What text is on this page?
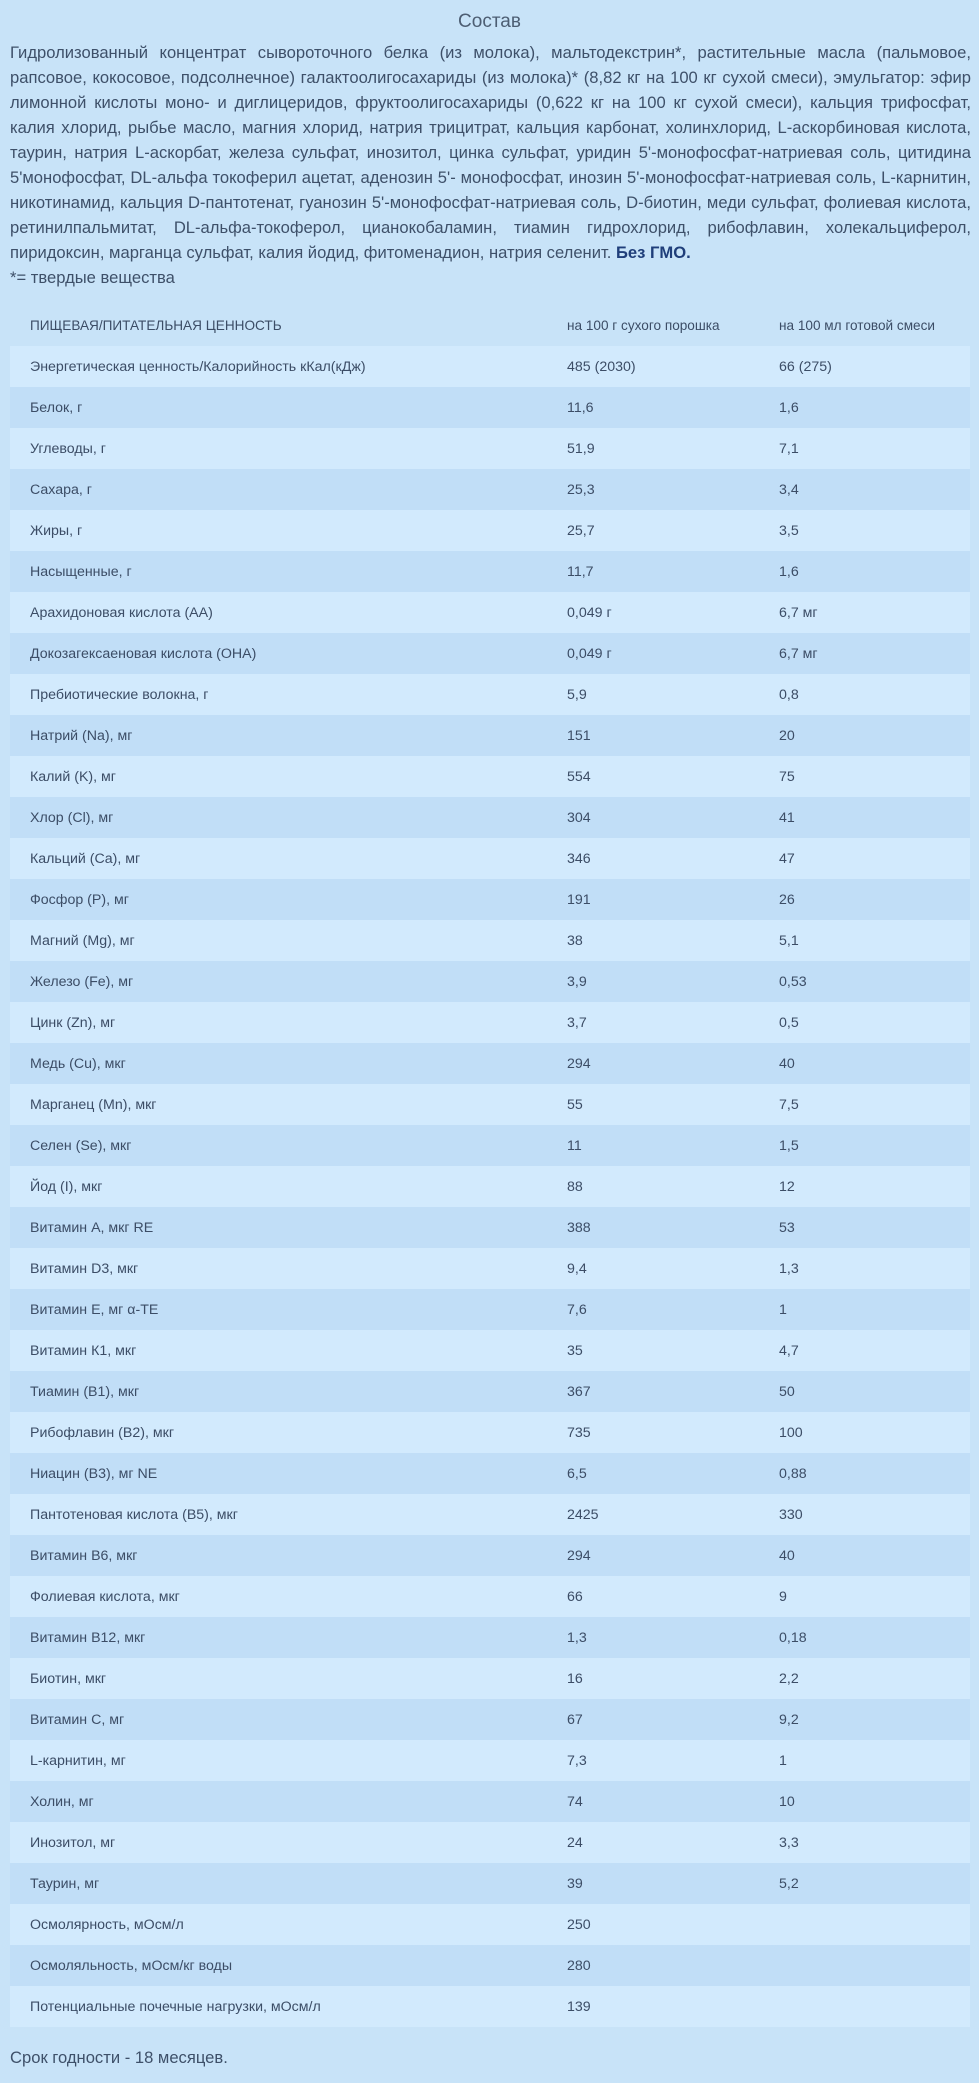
Состав
Гидролизованный концентрат сывороточного белка (из молока), мальтодекстрин*, растительные масла (пальмовое, рапсовое, кокосовое, подсолнечное) галактоолигосахариды (из молока)* (8,82 кг на 100 кг сухой смеси), эмульгатор: эфир лимонной кислоты моно- и диглицеридов, фруктоолигосахариды (0,622 кг на 100 кг сухой смеси), кальция трифосфат, калия хлорид, рыбье масло, магния хлорид, натрия трицитрат, кальция карбонат, холинхлорид, L-аскорбиновая кислота, таурин, натрия L-аскорбат, железа сульфат, инозитол, цинка сульфат, уридин 5'-монофосфат-натриевая соль, цитидина 5'монофосфат, DL-альфа токоферил ацетат, аденозин 5'- монофосфат, инозин 5'-монофосфат-натриевая соль, L-карнитин, никотинамид, кальция D-пантотенат, гуанозин 5'-монофосфат-натриевая соль, D-биотин, меди сульфат, фолиевая кислота, ретинилпальмитат, DL-альфа-токоферол, цианокобаламин, тиамин гидрохлорид, рибофлавин, холекальциферол, пиридоксин, марганца сульфат, калия йодид, фитоменадион, натрия селенит. Без ГМО.
*= твердые вещества
ПИЩЕВАЯ/ПИТАТЕЛЬНАЯ ЦЕННОСТЬ	на 100 г сухого порошка	на 100 мл готовой смеси
Энергетическая ценность/Калорийность кКал(кДж)	485 (2030)	66 (275)
Белок, г	11,6	1,6
Углеводы, г	51,9	7,1
Сахара, г	25,3	3,4
Жиры, г	25,7	3,5
Насыщенные, г	11,7	1,6
Арахидоновая кислота (АА)	0,049 г	6,7 мг
Докозагексаеновая кислота (ОНА)	0,049 г	6,7 мг
Пребиотические волокна, г	5,9	0,8
Натрий (Na), мг	151	20
Калий (K), мг	554	75
Хлор (Cl), мг	304	41
Кальций (Ca), мг	346	47
Фосфор (P), мг	191	26
Магний (Mg), мг	38	5,1
Железо (Fe), мг	3,9	0,53
Цинк (Zn), мг	3,7	0,5
Медь (Cu), мкг	294	40
Марганец (Mn), мкг	55	7,5
Селен (Se), мкг	11	1,5
Йод (I), мкг	88	12
Витамин А, мкг RE	388	53
Витамин D3, мкг	9,4	1,3
Витамин Е, мг α-TE	7,6	1
Витамин К1, мкг	35	4,7
Тиамин (B1), мкг	367	50
Рибофлавин (B2), мкг	735	100
Ниацин (B3), мг NE	6,5	0,88
Пантотеновая кислота (B5), мкг	2425	330
Витамин B6, мкг	294	40
Фолиевая кислота, мкг	66	9
Витамин B12, мкг	1,3	0,18
Биотин, мкг	16	2,2
Витамин С, мг	67	9,2
L-карнитин, мг	7,3	1
Холин, мг	74	10
Инозитол, мг	24	3,3
Таурин, мг	39	5,2
Осмолярность, мОсм/л	250	
Осмоляльность, мОсм/кг воды	280	
Потенциальные почечные нагрузки, мОсм/л	139	
Срок годности - 18 месяцев.
